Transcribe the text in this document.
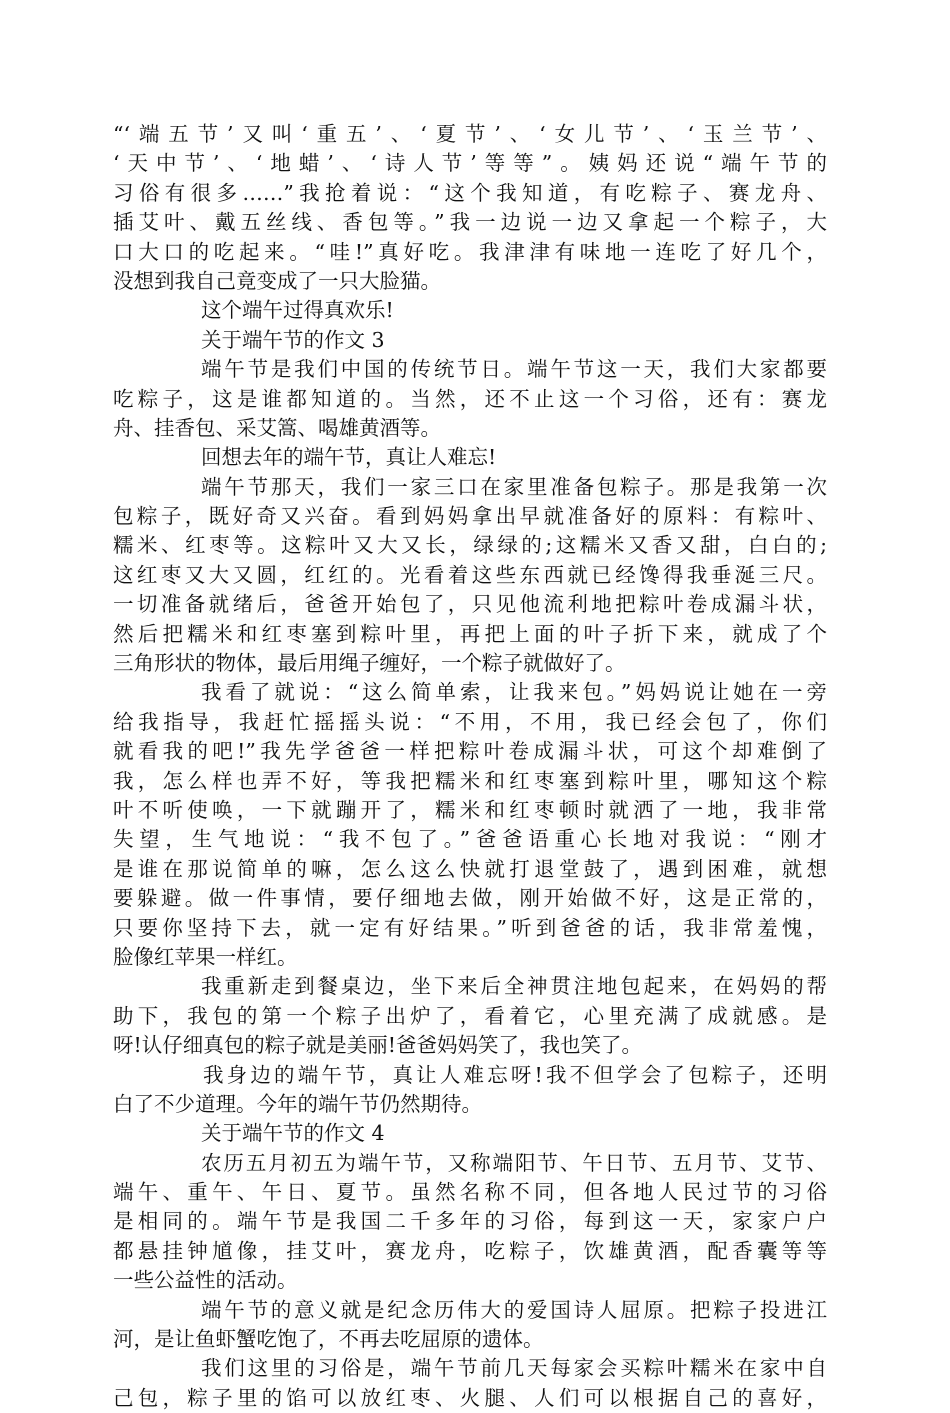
“‘端五节’又叫‘重五’、‘夏节’、‘女儿节’、‘玉兰节’、
‘天中节’、‘地蜡’、‘诗人节’等等”。姨妈还说“端午节的
习俗有很多……”我抢着说：“这个我知道，有吃粽子、赛龙舟、
插艾叶、戴五丝线、香包等。”我一边说一边又拿起一个粽子，大
口大口的吃起来。“哇!”真好吃。我津津有味地一连吃了好几个，
没想到我自己竟变成了一只大脸猫。
这个端午过得真欢乐!
关于端午节的作文 3
端午节是我们中国的传统节日。端午节这一天，我们大家都要
吃粽子，这是谁都知道的。当然，还不止这一个习俗，还有：赛龙
舟、挂香包、采艾篙、喝雄黄酒等。
回想去年的端午节，真让人难忘!
端午节那天，我们一家三口在家里准备包粽子。那是我第一次
包粽子，既好奇又兴奋。看到妈妈拿出早就准备好的原料：有粽叶、
糯米、红枣等。这粽叶又大又长，绿绿的;这糯米又香又甜，白白的;
这红枣又大又圆，红红的。光看着这些东西就已经馋得我垂涎三尺。
一切准备就绪后，爸爸开始包了，只见他流利地把粽叶卷成漏斗状，
然后把糯米和红枣塞到粽叶里，再把上面的叶子折下来，就成了个
三角形状的物体，最后用绳子缠好，一个粽子就做好了。
我看了就说：“这么简单索，让我来包。”妈妈说让她在一旁
给我指导，我赶忙摇摇头说：“不用，不用，我已经会包了，你们
就看我的吧!”我先学爸爸一样把粽叶卷成漏斗状，可这个却难倒了
我，怎么样也弄不好，等我把糯米和红枣塞到粽叶里，哪知这个粽
叶不听使唤，一下就蹦开了，糯米和红枣顿时就洒了一地，我非常
失望，生气地说：“我不包了。”爸爸语重心长地对我说：“刚才
是谁在那说简单的嘛，怎么这么快就打退堂鼓了，遇到困难，就想
要躲避。做一件事情，要仔细地去做，刚开始做不好，这是正常的，
只要你坚持下去，就一定有好结果。”听到爸爸的话，我非常羞愧，
脸像红苹果一样红。
我重新走到餐桌边，坐下来后全神贯注地包起来，在妈妈的帮
助下，我包的第一个粽子出炉了，看着它，心里充满了成就感。是
呀!认仔细真包的粽子就是美丽!爸爸妈妈笑了，我也笑了。
我身边的端午节，真让人难忘呀!我不但学会了包粽子，还明
白了不少道理。今年的端午节仍然期待。
关于端午节的作文 4
农历五月初五为端午节，又称端阳节、午日节、五月节、艾节、
端午、重午、午日、夏节。虽然名称不同，但各地人民过节的习俗
是相同的。端午节是我国二千多年的习俗，每到这一天，家家户户
都悬挂钟馗像，挂艾叶，赛龙舟，吃粽子，饮雄黄酒，配香囊等等
一些公益性的活动。
端午节的意义就是纪念历伟大的爱国诗人屈原。把粽子投进江
河，是让鱼虾蟹吃饱了，不再去吃屈原的遗体。
我们这里的习俗是，端午节前几天每家会买粽叶糯米在家中自
己包，粽子里的馅可以放红枣、火腿、人们可以根据自己的喜好，
